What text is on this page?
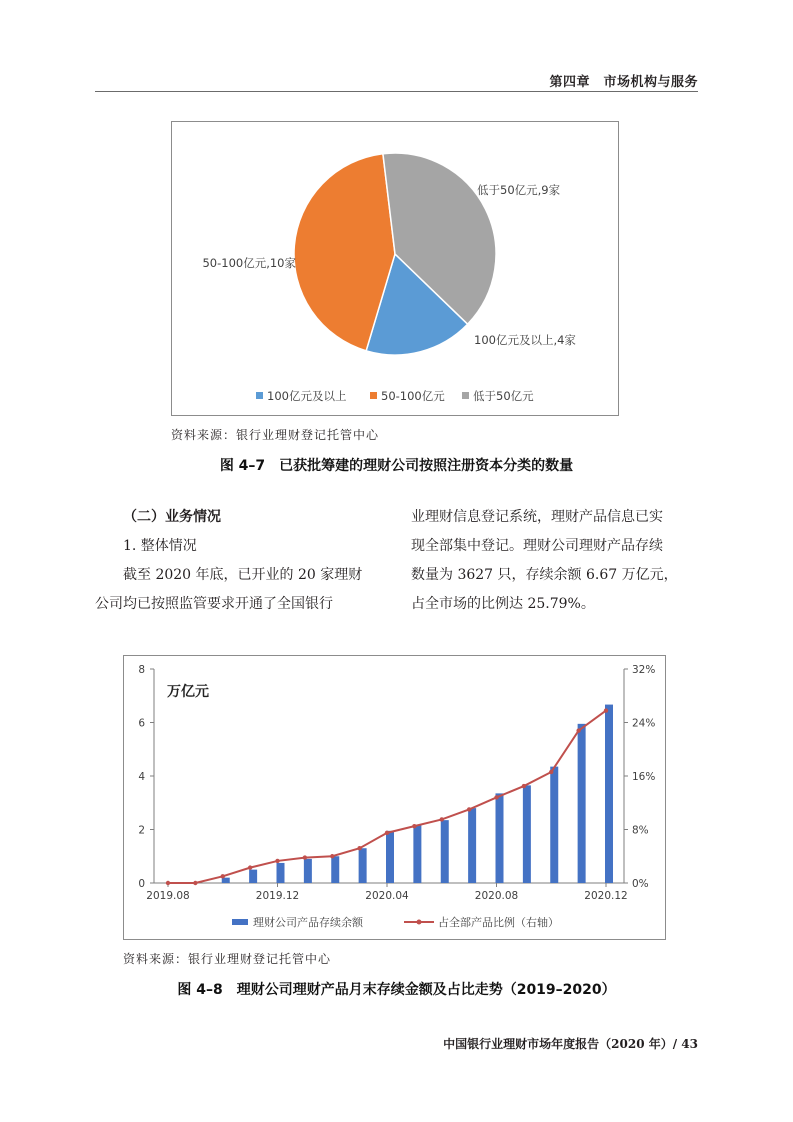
第四章　市场机构与服务
100亿元及以上,4家
50-100亿元,10家
低于50亿元,9家
100亿元及以上	50-100亿元 低于50亿元
资料来源：银行业理财登记托管中心
图 4–7　已获批筹建的理财公司按照注册资本分类的数量
（二）业务情况
1. 整体情况
截至 2020 年底，已开业的 20 家理财
公司均已按照监管要求开通了全国银行
业理财信息登记系统，理财产品信息已实
现全部集中登记。理财公司理财产品存续
数量为 3627 只，存续余额 6.67 万亿元，
占全市场的比例达 25.79%。
0
2
4
6
8
0%
8%
16%
24%
32%
2019.08	2019.12	2020.04	2020.08	2020.12
万亿元
理财公司产品存续余额	占全部产品比例（右轴）
资料来源：银行业理财登记托管中心
图 4–8　理财公司理财产品月末存续金额及占比走势（2019–2020）
中国银行业理财市场年度报告（2020 年）/ 43
